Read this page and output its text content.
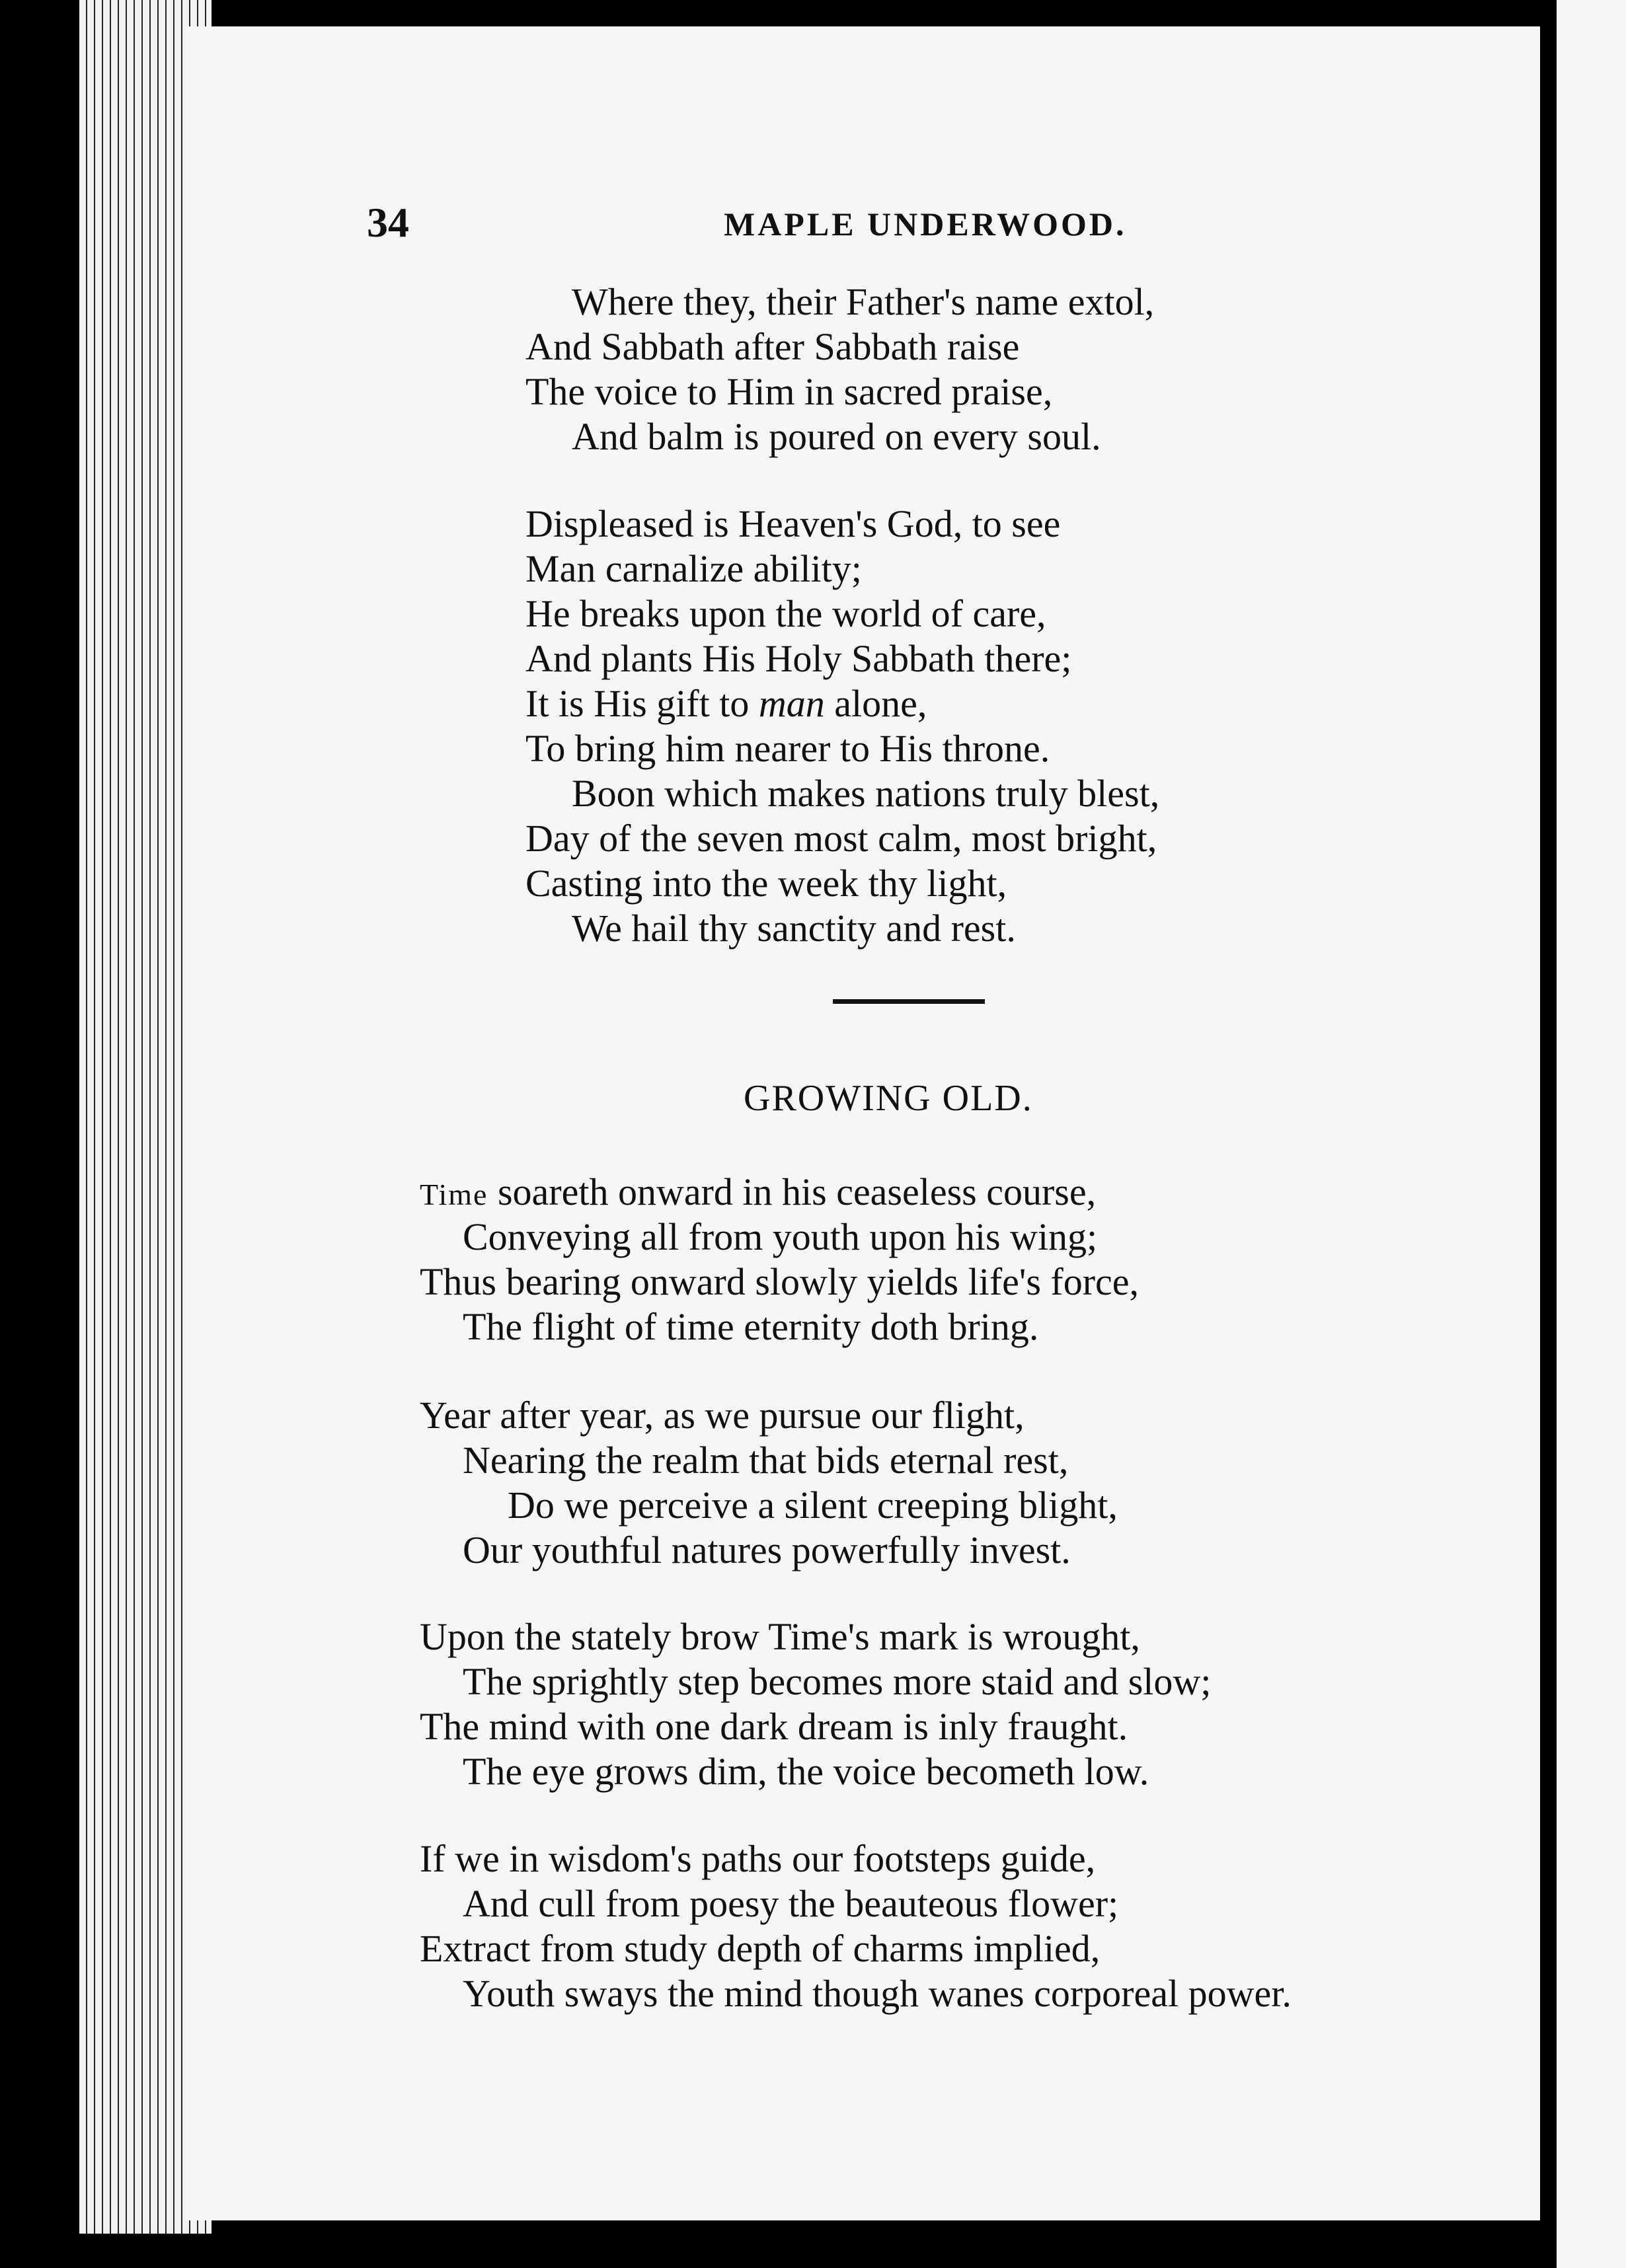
34	MAPLE UNDERWOOD.
Where they, their Father's name extol,
And Sabbath after Sabbath raise
The voice to Him in sacred praise,
And balm is poured on every soul.
Displeased is Heaven's God, to see
Man carnalize ability;
He breaks upon the world of care,
And plants His Holy Sabbath there;
It is His gift to man alone,
To bring him nearer to His throne.
Boon which makes nations truly blest,
Day of the seven most calm, most bright,
Casting into the week thy light,
We hail thy sanctity and rest.
GROWING OLD.
Time soareth onward in his ceaseless course,
Conveying all from youth upon his wing;
Thus bearing onward slowly yields life's force,
The flight of time eternity doth bring.
Year after year, as we pursue our flight,
Nearing the realm that bids eternal rest,
Do we perceive a silent creeping blight,
Our youthful natures powerfully invest.
Upon the stately brow Time's mark is wrought,
The sprightly step becomes more staid and slow;
The mind with one dark dream is inly fraught.
The eye grows dim, the voice becometh low.
If we in wisdom's paths our footsteps guide,
And cull from poesy the beauteous flower;
Extract from study depth of charms implied,
Youth sways the mind though wanes corporeal power.
